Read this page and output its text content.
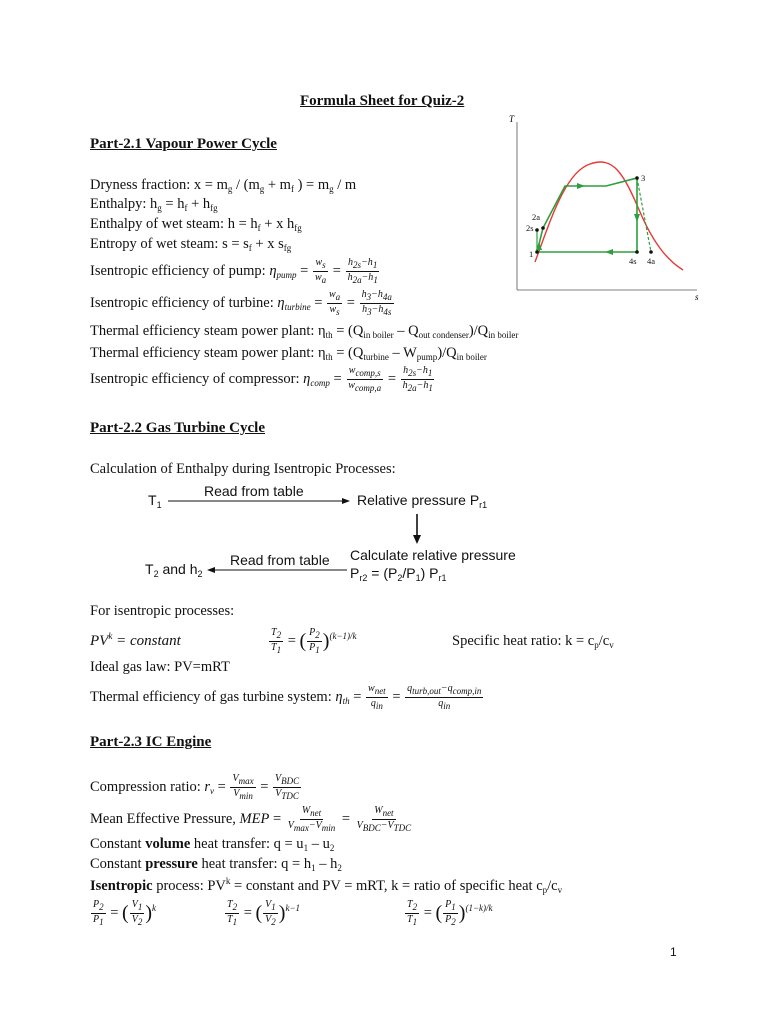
Formula Sheet for Quiz-2
Part-2.1 Vapour Power Cycle
Dryness fraction: $x = m_g / (m_g + m_f$ ) = $m_g$ / m
Enthalpy: $h_g = h_f + h_{fg}$
Enthalpy of wet steam: $h = h_f + x$ $h_{fg}$
Entropy of wet steam: $s = s_f + x$ $s_{fg}$
Isentropic efficiency of pump: $\eta_{pump} = \frac{w_s}{w_a} = \frac{h_{2s}-h_1}{h_{2a}-h_1}$
Isentropic efficiency of turbine: $\eta_{turbine} = \frac{w_a}{w_s} = \frac{h_3-h_{4a}}{h_3-h_{4s}}$
Thermal efficiency steam power plant: $\eta_{th} = (Q_{in boiler} - Q_{out condenser})/Q_{in boiler}$
Thermal efficiency steam power plant: $\eta_{th} = (Q_{turbine} - W_{pump})/Q_{in boiler}$
Isentropic efficiency of compressor: $\eta_{comp} = \frac{w_{comp,s}}{w_{comp,a}} = \frac{h_{2s}-h_1}{h_{2a}-h_1}$
T
s
1
2a
2s
3
4s 4a
Part-2.2 Gas Turbine Cycle
Calculation of Enthalpy during Isentropic Processes:
$T_1$
Read from table
Relative pressure $P_{r1}$
Calculate relative pressure
$P_{r2} = (P_2/P_1)$ $P_{r1}$
Read from table
$T_2$ and $h_2$
For isentropic processes:
$PV^k$ = constant	$\frac{T_2}{T_1}$ = ( $\frac{P_2}{P_1} )^{(k-1)/k}$	Specific heat ratio: $k = c_p/c_v$
Ideal gas law: PV=mRT
Thermal efficiency of gas turbine system: $\eta_{th} = \frac{w_{net}}{q_{in}} = \frac{q_{turb,out}-q_{comp,in}}{q_{in}}$
Part-2.3 IC Engine
Compression ratio: $r_v = \frac{V_{max}}{V_{min}} = \frac{V_{BDC}}{V_{TDC}}$
Mean Effective Pressure, MEP = $\frac{W_{net}}{V_{max}-V_{min}} = \frac{W_{net}}{V_{BDC}-V_{TDC}}$
Constant volume heat transfer: $q = u_1 - u_2$
Constant pressure heat transfer: $q = h_1 - h_2$
Isentropic process: $PV^k$ = constant and PV = mRT, k = ratio of specific heat $c_p/c_v$
$\frac{P_2}{P_1}$ = ( $\frac{V_1}{V_2} )^k$	$\frac{T_2}{T_1}$ = ( $\frac{V_1}{V_2} )^{k-1}$	$\frac{T_2}{T_1}$ = ( $\frac{P_1}{P_2} )^{(1-k)/k}$
1
